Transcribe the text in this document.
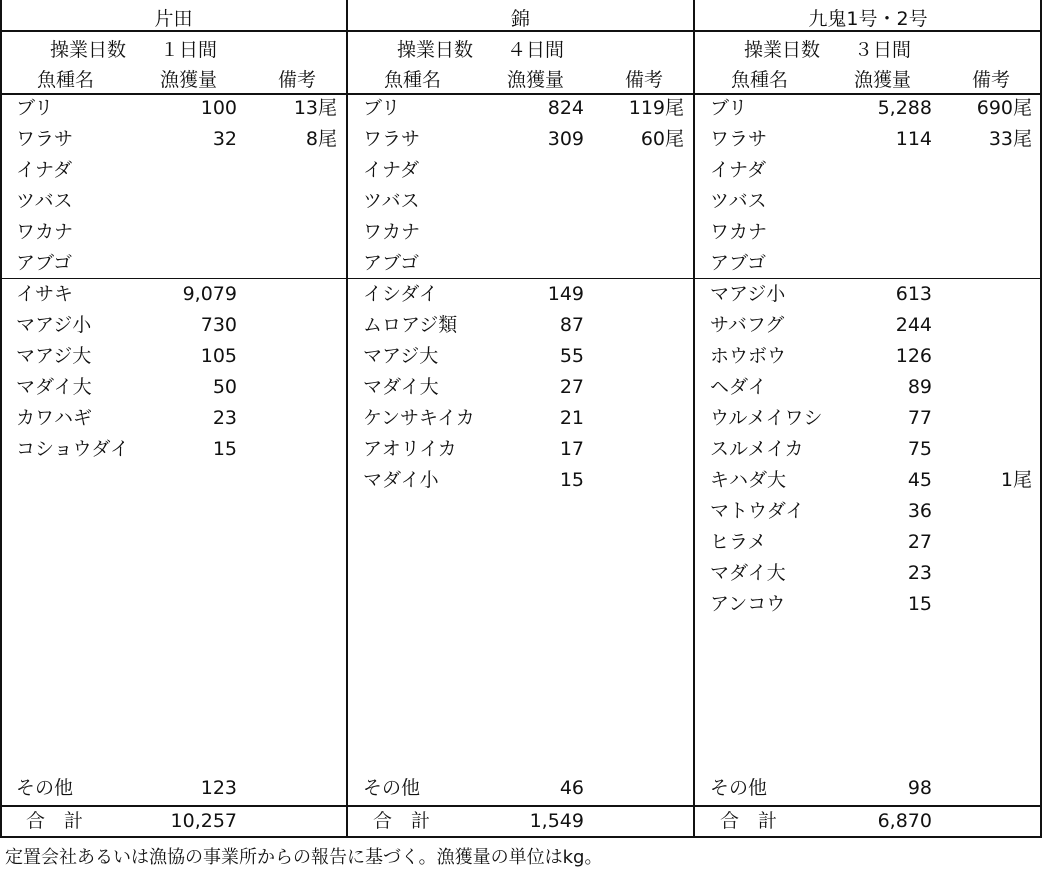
片田
操業日数 １日間
魚種名	漁獲量	備考
ブリ	100	13尾
ワラサ	32	8尾
イナダ
ツバス
ワカナ
アブゴ
イサキ	9,079
マアジ小	730
マアジ大	105
マダイ大	50
カワハギ	23
コショウダイ	15
その他	123
合　計	10,257
錦
操業日数 ４日間
魚種名	漁獲量	備考
ブリ	824 119尾
ワラサ	309	60尾
イナダ
ツバス
ワカナ
アブゴ
イシダイ	149
ムロアジ類	87
マアジ大	55
マダイ大	27
ケンサキイカ	21
アオリイカ	17
マダイ小	15
その他	46
合　計	1,549
九鬼1号・2号
操業日数 ３日間
魚種名	漁獲量	備考
ブリ	5,288 690尾
ワラサ	114	33尾
イナダ
ツバス
ワカナ
アブゴ
マアジ小	613
サバフグ	244
ホウボウ	126
ヘダイ	89
ウルメイワシ	77
スルメイカ	75
キハダ大	45	1尾
マトウダイ	36
ヒラメ	27
マダイ大	23
アンコウ	15
その他	98
合　計	6,870
定置会社あるいは漁協の事業所からの報告に基づく。漁獲量の単位はkg。
